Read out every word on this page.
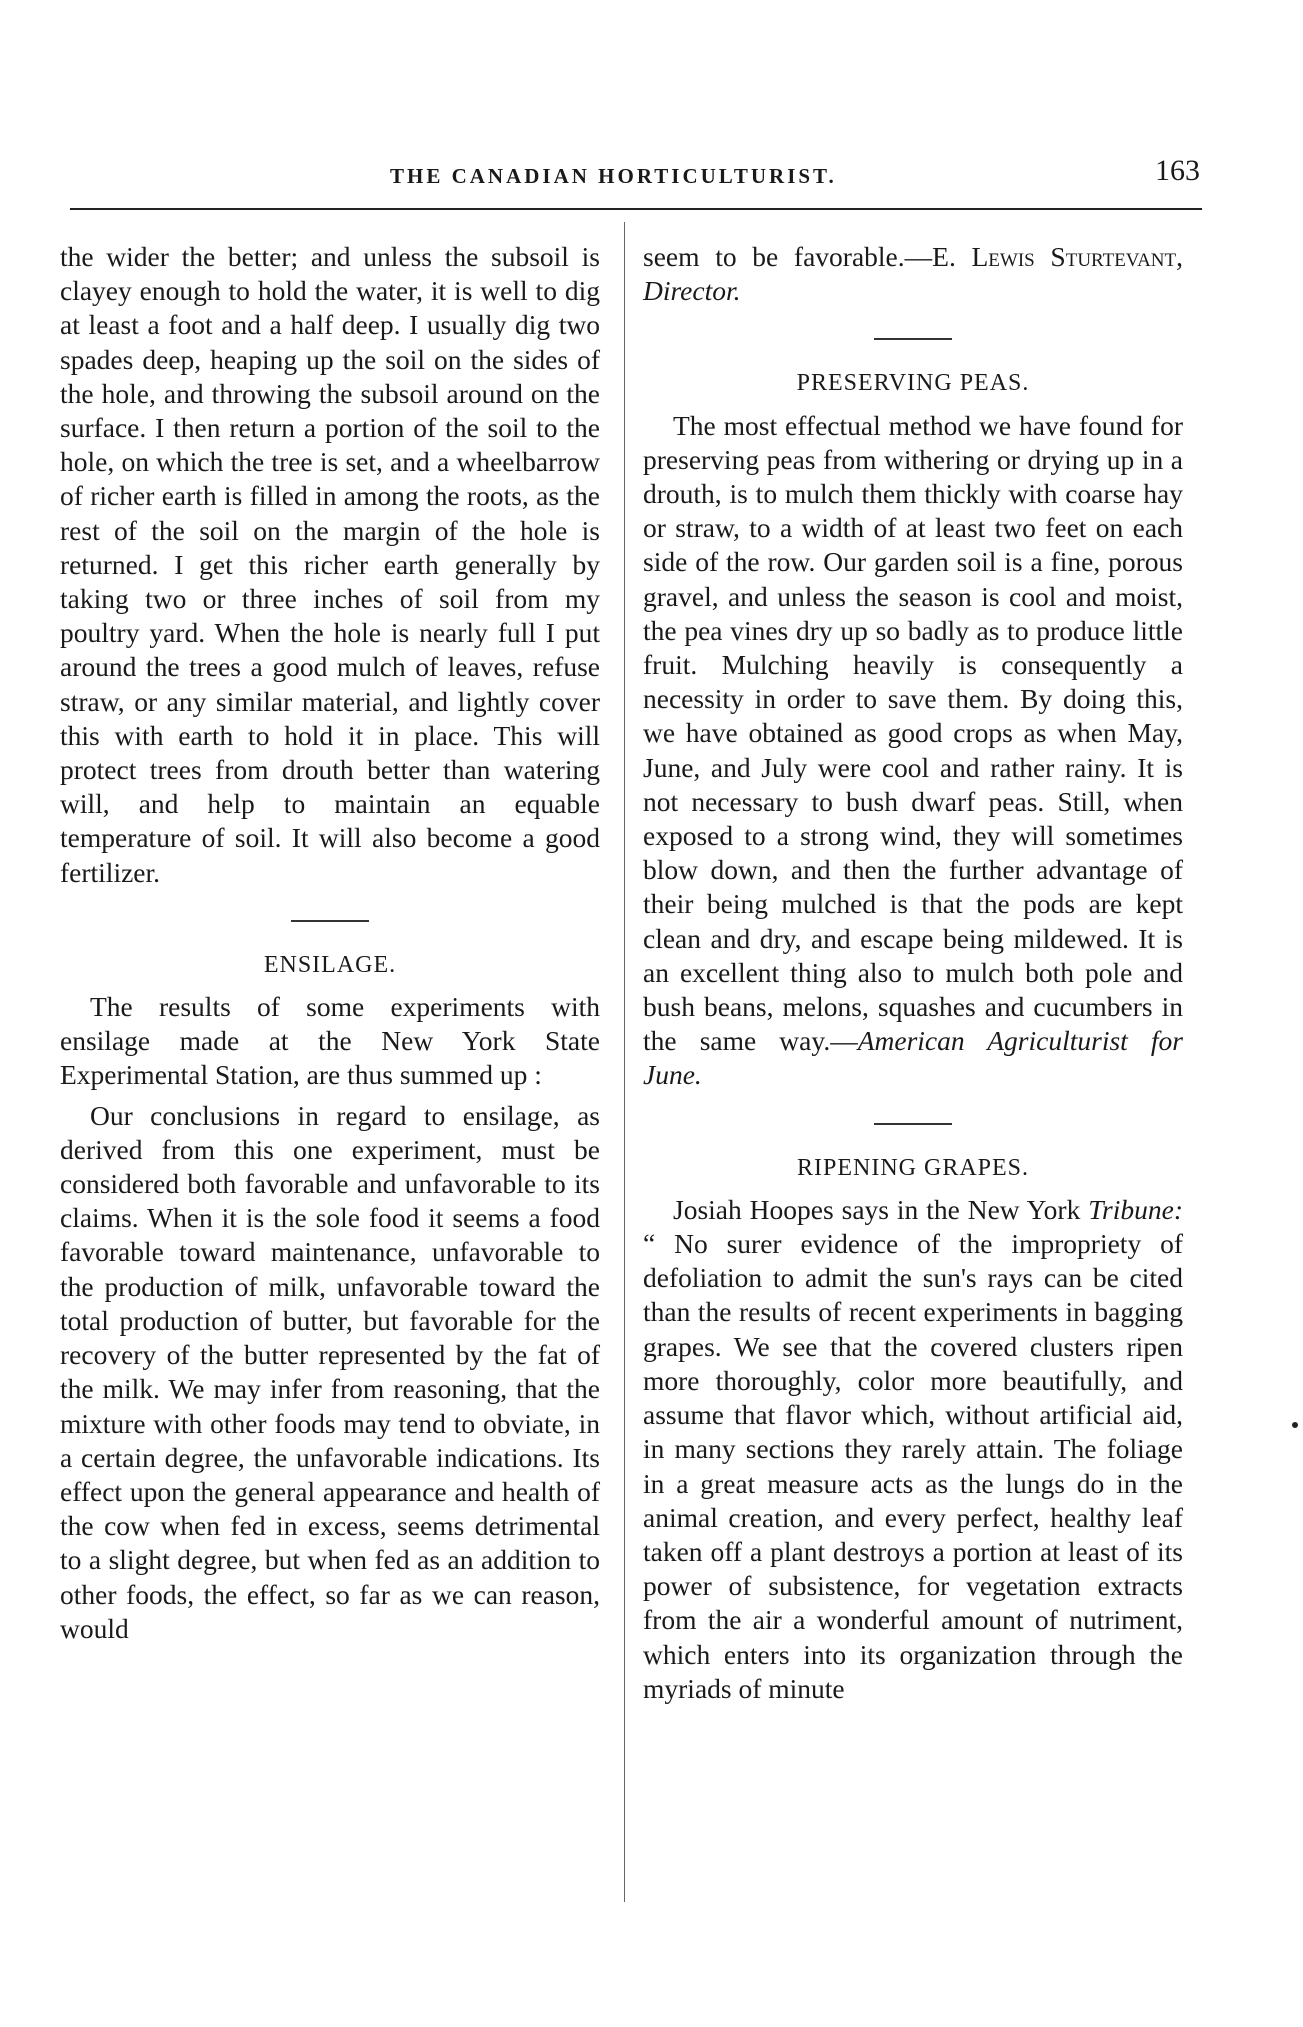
THE CANADIAN HORTICULTURIST.	163

the wider the better; and unless the subsoil is clayey enough to hold the water, it is well to dig at least a foot and a half deep. I usually dig two spades deep, heaping up the soil on the sides of the hole, and throwing the subsoil around on the surface. I then return a portion of the soil to the hole, on which the tree is set, and a wheelbarrow of richer earth is filled in among the roots, as the rest of the soil on the margin of the hole is returned. I get this richer earth generally by taking two or three inches of soil from my poultry yard. When the hole is nearly full I put around the trees a good mulch of leaves, refuse straw, or any similar material, and lightly cover this with earth to hold it in place. This will protect trees from drouth better than watering will, and help to maintain an equable temperature of soil. It will also become a good fertilizer.

ENSILAGE.

The results of some experiments with ensilage made at the New York State Experimental Station, are thus summed up :

Our conclusions in regard to ensilage, as derived from this one experiment, must be considered both favorable and unfavorable to its claims. When it is the sole food it seems a food favorable toward maintenance, unfavorable to the production of milk, unfavorable toward the total production of butter, but favorable for the recovery of the butter represented by the fat of the milk. We may infer from reasoning, that the mixture with other foods may tend to obviate, in a certain degree, the unfavorable indications. Its effect upon the general appearance and health of the cow when fed in excess, seems detrimental to a slight degree, but when fed as an addition to other foods, the effect, so far as we can reason, would

seem to be favorable.—E. Lewis Sturtevant, Director.

PRESERVING PEAS.

The most effectual method we have found for preserving peas from withering or drying up in a drouth, is to mulch them thickly with coarse hay or straw, to a width of at least two feet on each side of the row. Our garden soil is a fine, porous gravel, and unless the season is cool and moist, the pea vines dry up so badly as to produce little fruit. Mulching heavily is consequently a necessity in order to save them. By doing this, we have obtained as good crops as when May, June, and July were cool and rather rainy. It is not necessary to bush dwarf peas. Still, when exposed to a strong wind, they will sometimes blow down, and then the further advantage of their being mulched is that the pods are kept clean and dry, and escape being mildewed. It is an excellent thing also to mulch both pole and bush beans, melons, squashes and cucumbers in the same way.—American Agriculturist for June.

RIPENING GRAPES.

Josiah Hoopes says in the New York Tribune: “ No surer evidence of the impropriety of defoliation to admit the sun's rays can be cited than the results of recent experiments in bagging grapes. We see that the covered clusters ripen more thoroughly, color more beautifully, and assume that flavor which, without artificial aid, in many sections they rarely attain. The foliage in a great measure acts as the lungs do in the animal creation, and every perfect, healthy leaf taken off a plant destroys a portion at least of its power of subsistence, for vegetation extracts from the air a wonderful amount of nutriment, which enters into its organization through the myriads of minute
